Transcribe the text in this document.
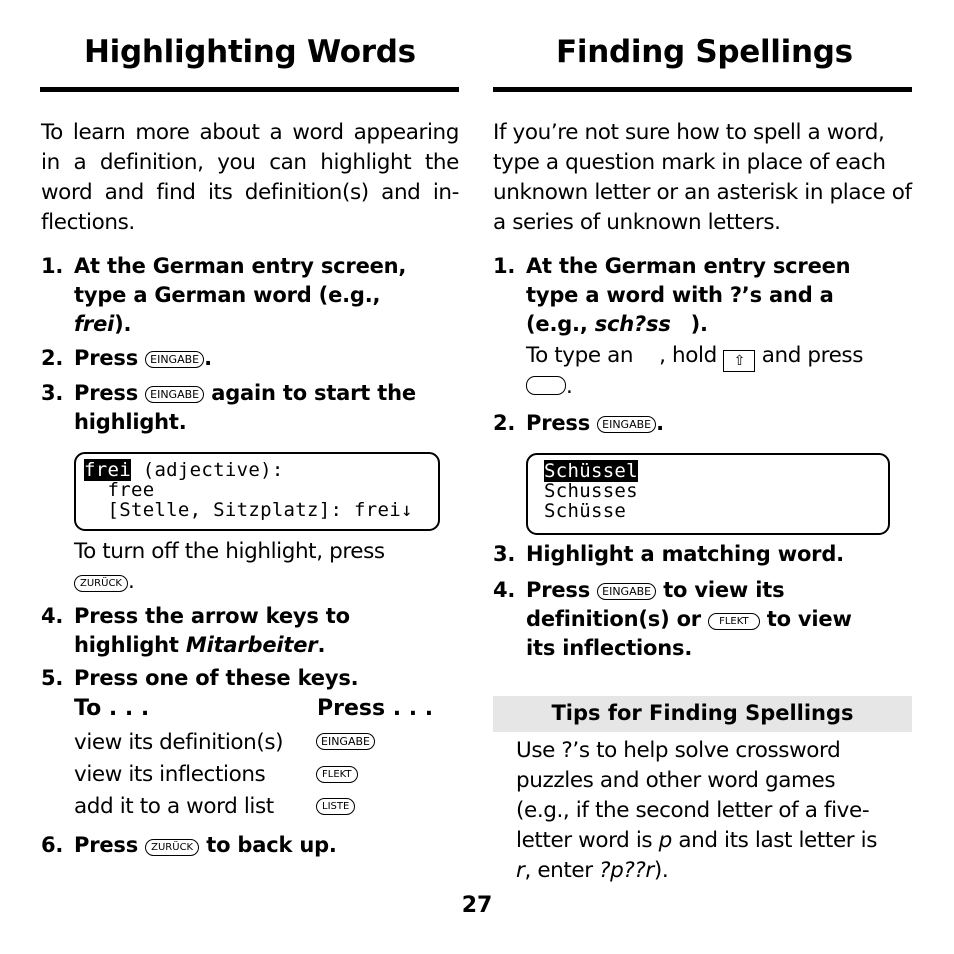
Highlighting Words
To learn more about a word appearing in a definition, you can highlight the word and find its definition(s) and in-flections.
1. At the German entry screen,
type a German word (e.g.,
frei).
2. Press EINGABE .
3. Press EINGABE again to start the
highlight.
frei (adjective):
free
[Stelle, Sitzplatz]: frei↓
To turn off the highlight, press
ZURÜCK .
4. Press the arrow keys to
highlight Mitarbeiter.
5. Press one of these keys.
To . . .	Press . . .
view its definition(s)	EINGABE
view its inflections	FLEKT
add it to a word list	LISTE
6. Press ZURÜCK to back up.
Finding Spellings
If you’re not sure how to spell a word, type a question mark in place of each unknown letter or an asterisk in place of a series of unknown letters.
1. At the German entry screen
type a word with ?’s and a
(e.g., sch?ss ).
To type an , hold ⇧ and press
.
2. Press EINGABE .
Schüssel
Schusses
Schüsse
3. Highlight a matching word.
4. Press EINGABE to view its
definition(s) or FLEKT to view
its inflections.
Tips for Finding Spellings
Use ?’s to help solve crossword
puzzles and other word games
(e.g., if the second letter of a five-
letter word is p and its last letter is
r, enter ?p??r).
27
